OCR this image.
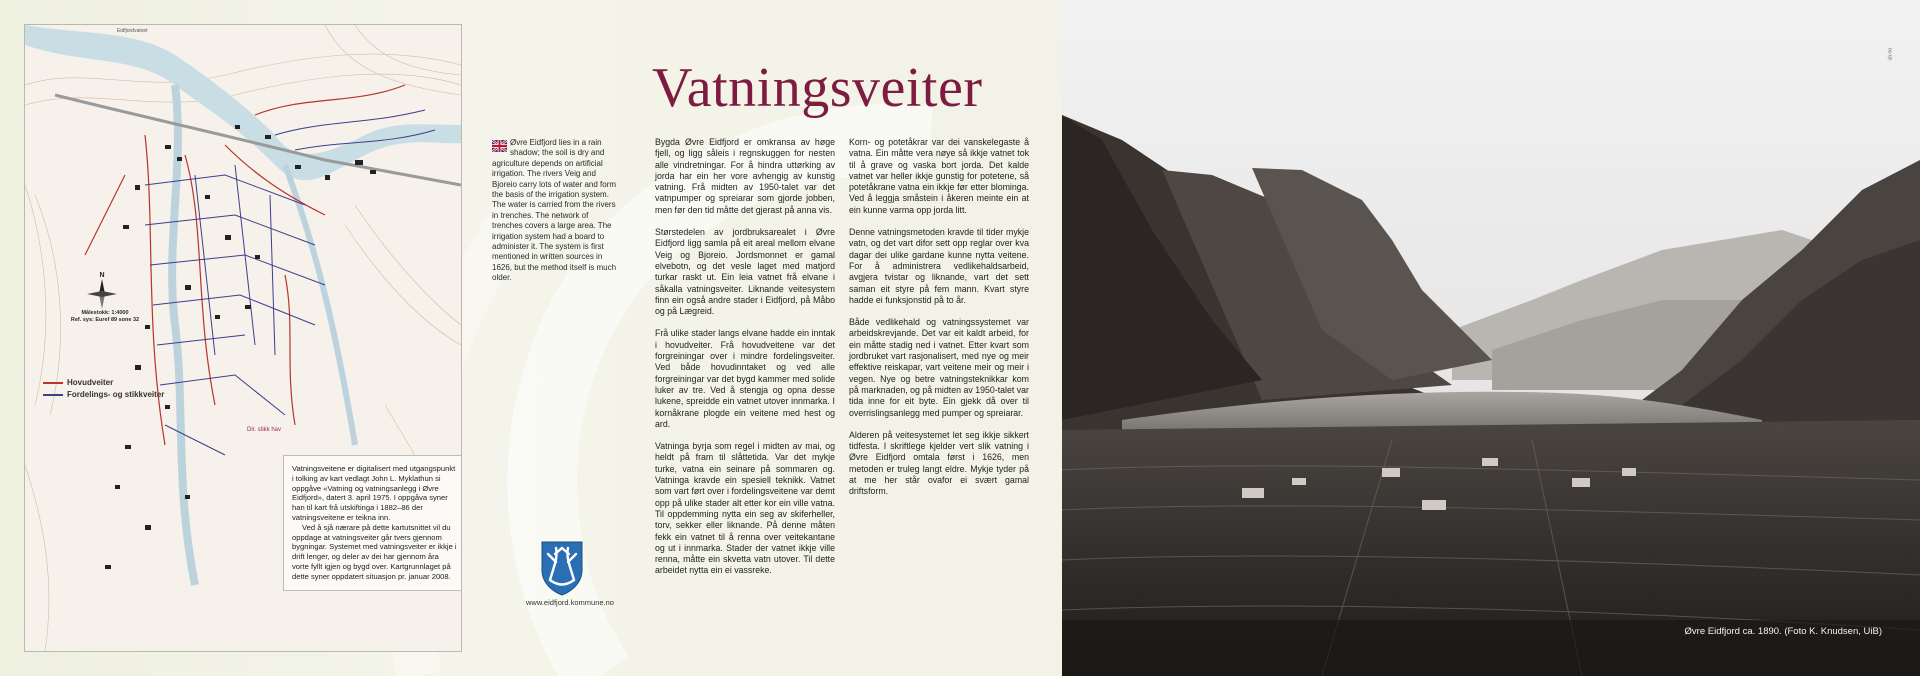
Eidfjordvatnet
N
Målestokk: 1:4000
Ref. sys: Euref 89 sone 32
Hovudveiter
Fordelings- og stikkveiter
Dir. stikk hav

Vatningsveitene er digitalisert med utgangspunkt i tolking av kart vedlagt John L. Myklathun si oppgåve «Vatning og vatningsanlegg i Øvre Eidfjord», datert 3. april 1975. I oppgåva syner han til kart frå utskiftinga i 1882–86 der vatningsveitene er teikna inn.

Ved å sjå nærare på dette kartutsnittet vil du oppdage at vatningsveiter går tvers gjennom bygningar. Systemet med vatningsveiter er ikkje i drift lenger, og deler av dei har gjennom åra vorte fyllt igjen og bygd over. Kartgrunnlaget på dette syner oppdatert situasjon pr. januar 2008.

Øvre Eidfjord lies in a rain shadow; the soil is dry and agriculture depends on artificial irrigation. The rivers Veig and Bjoreio carry lots of water and form the basis of the irrigation system. The water is carried from the rivers in trenches. The network of trenches covers a large area. The irrigation system had a board to administer it. The system is first mentioned in written sources in 1626, but the method itself is much older.
www.eidfjord.kommune.no
Vatningsveiter

Bygda Øvre Eidfjord er omkransa av høge fjell, og ligg såleis i regnskuggen for nesten alle vindretningar. For å hindra uttørking av jorda har ein her vore avhengig av kunstig vatning. Frå midten av 1950-talet var det vatnpumper og spreiarar som gjorde jobben, men før den tid måtte det gjerast på anna vis.

Størstedelen av jordbruksarealet i Øvre Eidfjord ligg samla på eit areal mellom elvane Veig og Bjoreio. Jordsmonnet er gamal elvebotn, og det vesle laget med matjord turkar raskt ut. Ein leia vatnet frå elvane i såkalla vatningsveiter. Liknande veitesystem finn ein også andre stader i Eidfjord, på Måbo og på Lægreid.

Frå ulike stader langs elvane hadde ein inntak i hovudveiter. Frå hovudveitene var det forgreiningar over i mindre fordelingsveiter. Ved både hovudinntaket og ved alle forgreiningar var det bygd kammer med solide luker av tre. Ved å stengja og opna desse lukene, spreidde ein vatnet utover innmarka. I kornåkrane plogde ein veitene med hest og ard.

Vatninga byrja som regel i midten av mai, og heldt på fram til slåttetida. Var det mykje turke, vatna ein seinare på sommaren og. Vatninga kravde ein spesiell teknikk. Vatnet som vart ført over i fordelingsveitene var demt opp på ulike stader alt etter kor ein ville vatna. Til oppdemming nytta ein seg av skiferheller, torv, sekker eller liknande. På denne måten fekk ein vatnet til å renna over veitekantane og ut i innmarka. Stader der vatnet ikkje ville renna, måtte ein skvetta vatn utover. Til dette arbeidet nytta ein ei vassreke.

Korn- og potetåkrar var dei vanskelegaste å vatna. Ein måtte vera nøye så ikkje vatnet tok til å grave og vaska bort jorda. Det kalde vatnet var heller ikkje gunstig for potetene, så potetåkrane vatna ein ikkje før etter blominga. Ved å leggja småstein i åkeren meinte ein at ein kunne varma opp jorda litt.

Denne vatningsmetoden kravde til tider mykje vatn, og det vart difor sett opp reglar over kva dagar dei ulike gardane kunne nytta veitene. For å administrera vedlikehaldsarbeid, avgjera tvistar og liknande, vart det sett saman eit styre på fem mann. Kvart styre hadde ei funksjonstid på to år.

Både vedlikehald og vatningssystemet var arbeidskrevjande. Det var eit kaldt arbeid, for ein måtte stadig ned i vatnet. Etter kvart som jordbruket vart rasjonalisert, med nye og meir effektive reiskapar, vart veitene meir og meir i vegen. Nye og betre vatningsteknikkar kom på marknaden, og på midten av 1950-talet var tida inne for eit byte. Ein gjekk då over til overrislingsanlegg med pumper og spreiarar.

Alderen på veitesystemet let seg ikkje sikkert tidfesta. I skriftlege kjelder vert slik vatning i Øvre Eidfjord omtala først i 1626, men metoden er truleg langt eldre. Mykje tyder på at me her står ovafor ei svært gamal driftsform.

ub.no
Øvre Eidfjord ca. 1890. (Foto K. Knudsen, UiB)
